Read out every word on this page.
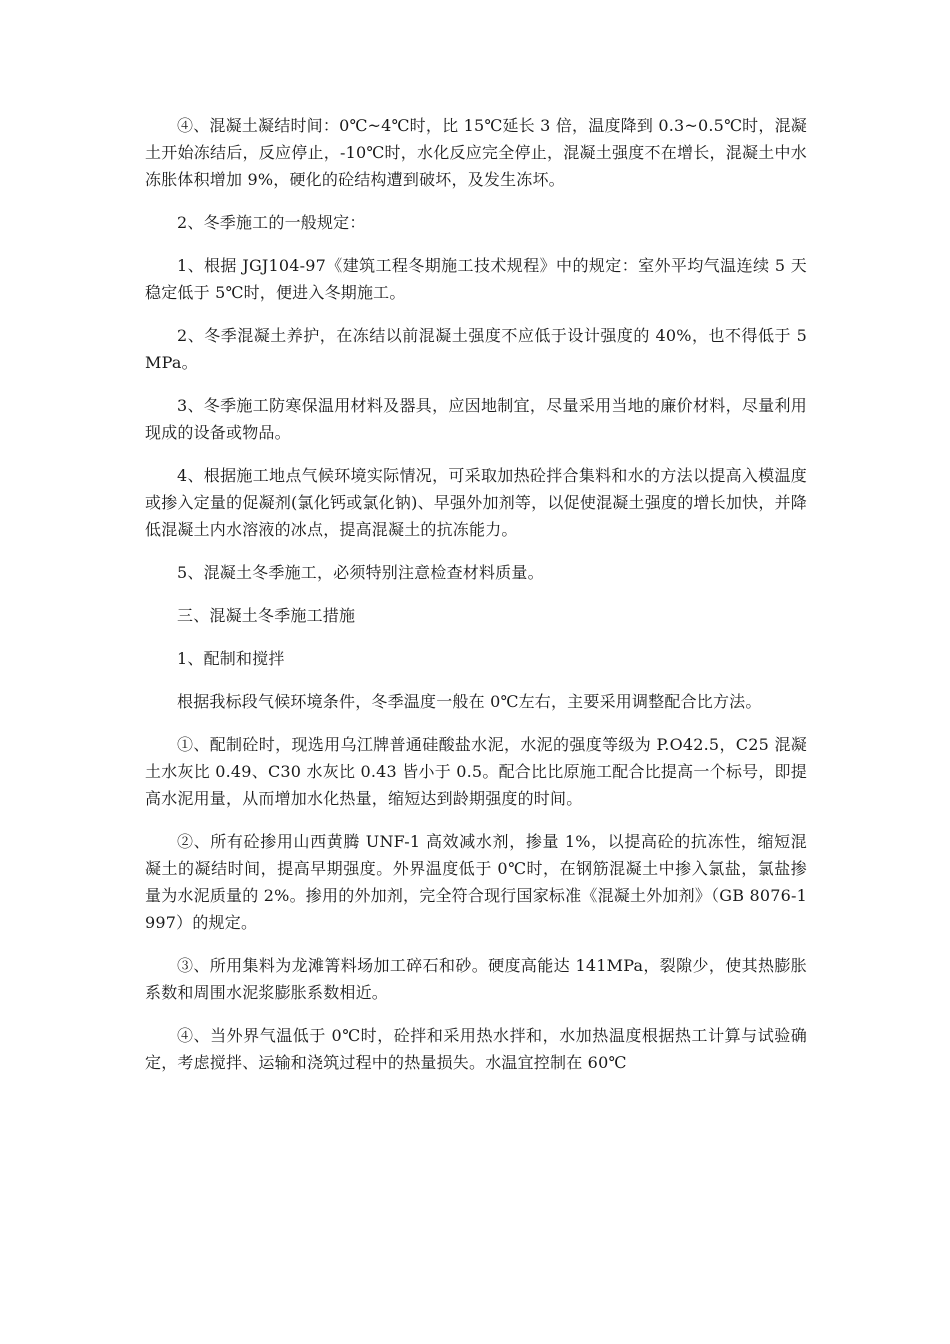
④、混凝土凝结时间：0℃~4℃时，比 15℃延长 3 倍，温度降到 0.3~0.5℃时，混凝土开始冻结后，反应停止，-10℃时，水化反应完全停止，混凝土强度不在增长，混凝土中水冻胀体积增加 9%，硬化的砼结构遭到破坏，及发生冻坏。

2、冬季施工的一般规定：

1、根据 JGJ104-97《建筑工程冬期施工技术规程》中的规定：室外平均气温连续 5 天稳定低于 5℃时，便进入冬期施工。

2、冬季混凝土养护，在冻结以前混凝土强度不应低于设计强度的 40%，也不得低于 5MPa。

3、冬季施工防寒保温用材料及器具，应因地制宜，尽量采用当地的廉价材料，尽量利用现成的设备或物品。

4、根据施工地点气候环境实际情况，可采取加热砼拌合集料和水的方法以提高入模温度或掺入定量的促凝剂(氯化钙或氯化钠)、早强外加剂等，以促使混凝土强度的增长加快，并降低混凝土内水溶液的冰点，提高混凝土的抗冻能力。

5、混凝土冬季施工，必须特别注意检查材料质量。

三、混凝土冬季施工措施

1、配制和搅拌

根据我标段气候环境条件，冬季温度一般在 0℃左右，主要采用调整配合比方法。

①、配制砼时，现选用乌江牌普通硅酸盐水泥，水泥的强度等级为 P.O42.5，C25 混凝土水灰比 0.49、C30 水灰比 0.43 皆小于 0.5。配合比比原施工配合比提高一个标号，即提高水泥用量，从而增加水化热量，缩短达到龄期强度的时间。

②、所有砼掺用山西黄腾 UNF-1 高效减水剂，掺量 1%，以提高砼的抗冻性，缩短混凝土的凝结时间，提高早期强度。外界温度低于 0℃时，在钢筋混凝土中掺入氯盐，氯盐掺量为水泥质量的 2%。掺用的外加剂，完全符合现行国家标准《混凝土外加剂》（GB 8076-1997）的规定。

③、所用集料为龙滩箐料场加工碎石和砂。硬度高能达 141MPa，裂隙少，使其热膨胀系数和周围水泥浆膨胀系数相近。

④、当外界气温低于 0℃时，砼拌和采用热水拌和，水加热温度根据热工计算与试验确定，考虑搅拌、运输和浇筑过程中的热量损失。水温宜控制在 60℃
